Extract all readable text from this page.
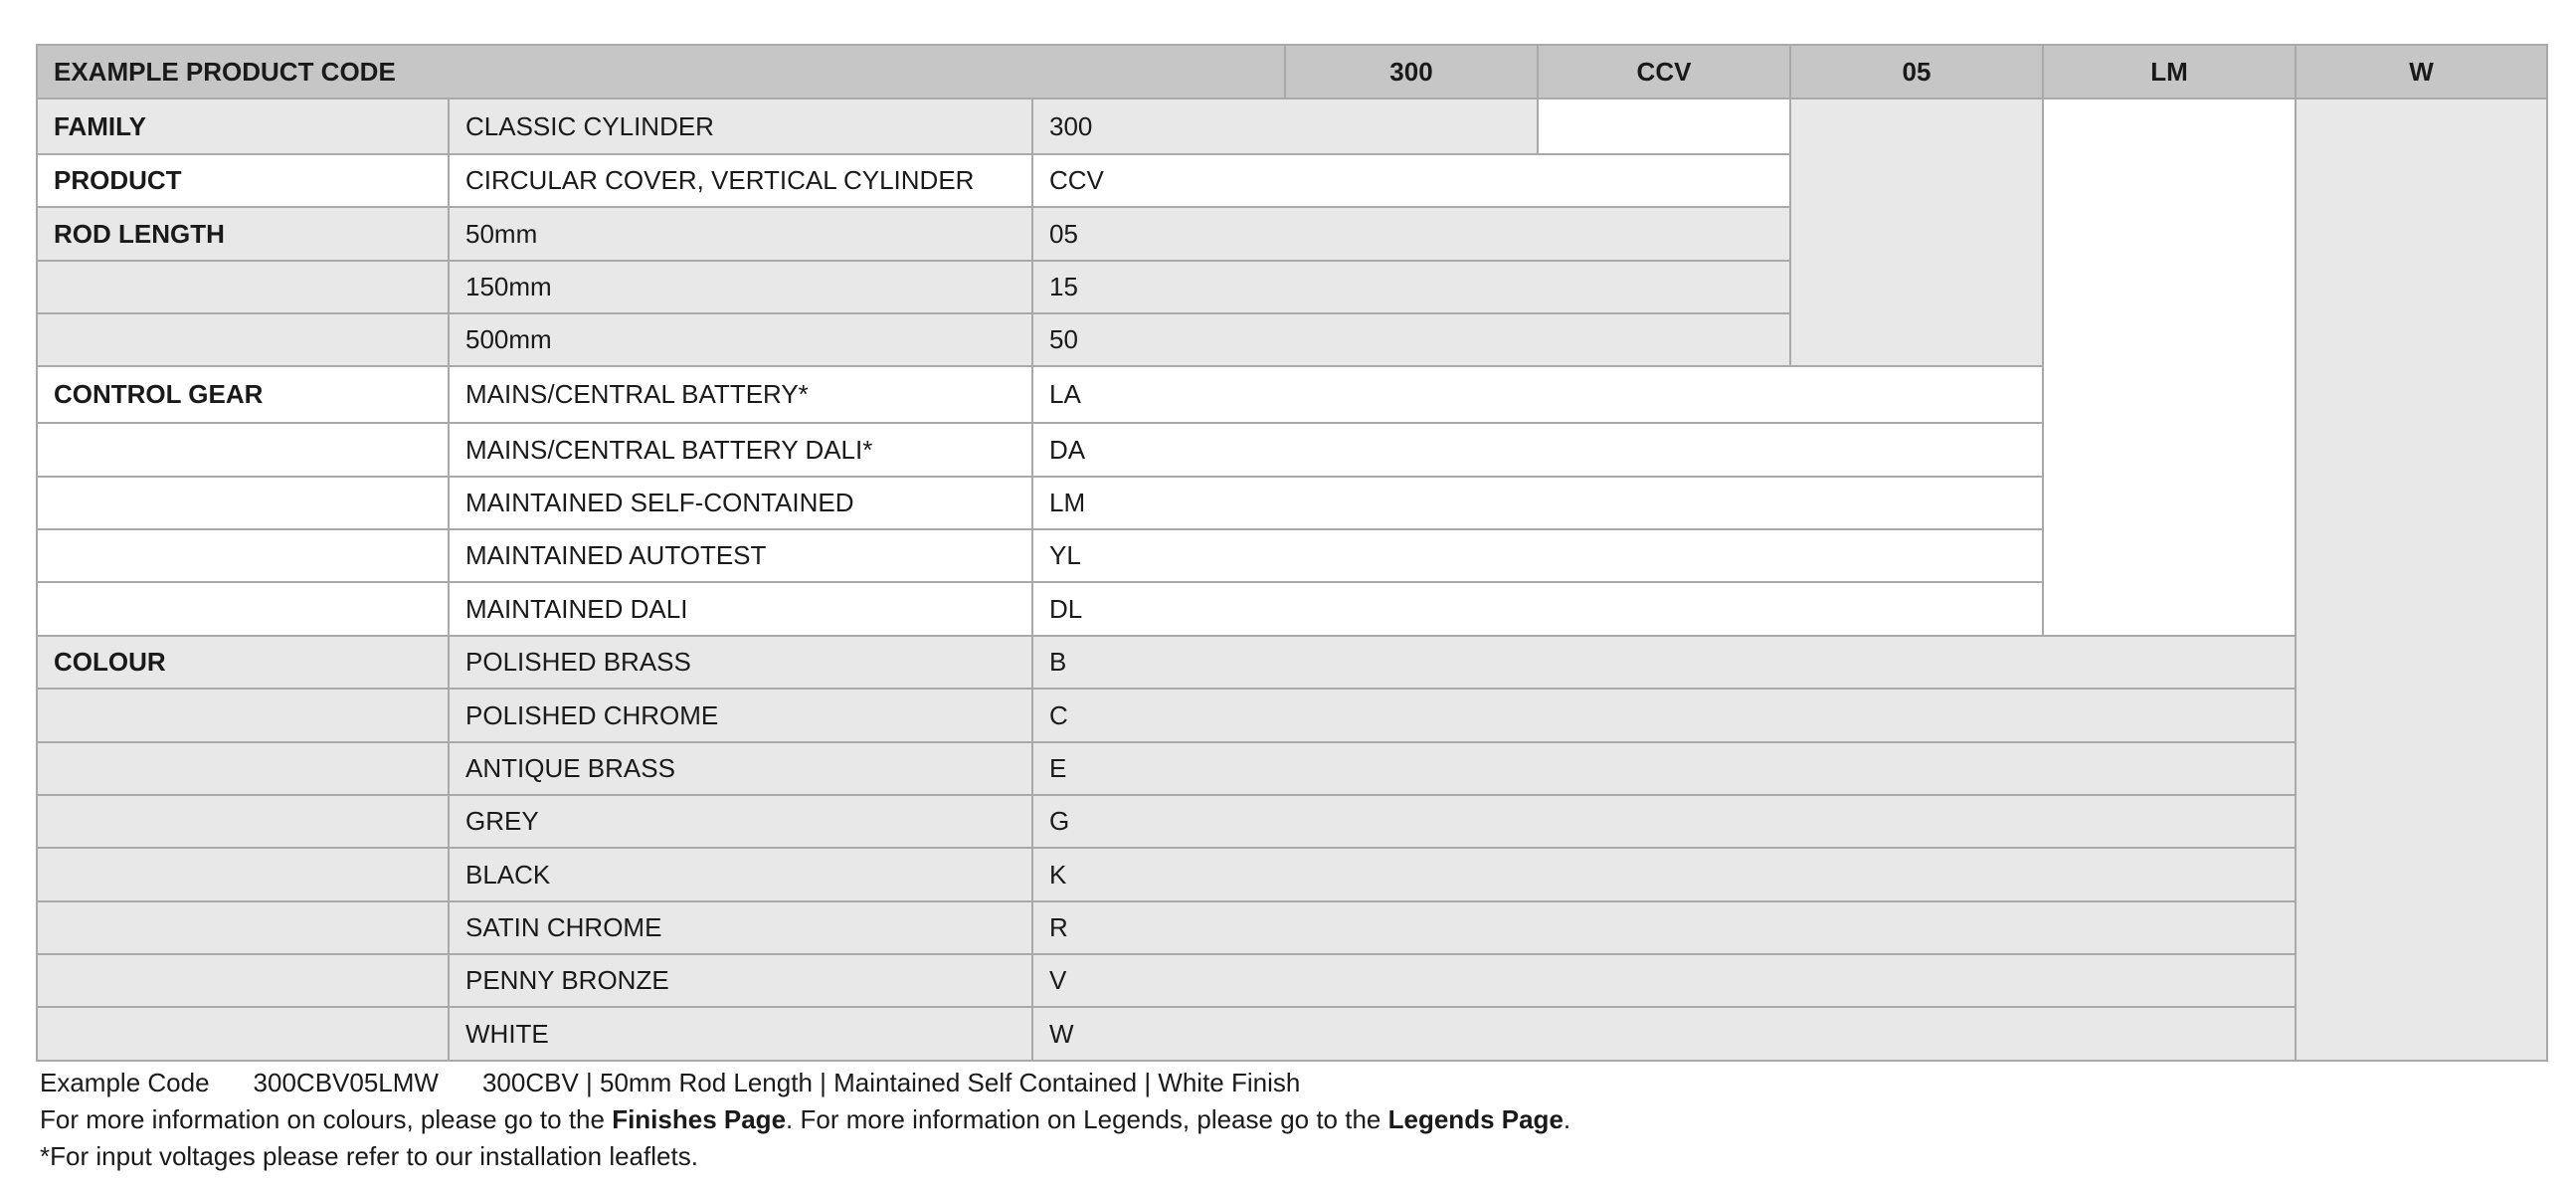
EXAMPLE PRODUCT CODE	300	CCV	05	LM	W
FAMILY	CLASSIC CYLINDER	300
PRODUCT	CIRCULAR COVER, VERTICAL CYLINDER	CCV
ROD LENGTH	50mm	05
150mm	15
500mm	50
CONTROL GEAR	MAINS/CENTRAL BATTERY*	LA
MAINS/CENTRAL BATTERY DALI*	DA
MAINTAINED SELF-CONTAINED	LM
MAINTAINED AUTOTEST	YL
MAINTAINED DALI	DL
COLOUR	POLISHED BRASS	B
POLISHED CHROME	C
ANTIQUE BRASS	E
GREY	G
BLACK	K
SATIN CHROME	R
PENNY BRONZE	V
WHITE	W
Example Code 300CBV05LMW 300CBV | 50mm Rod Length | Maintained Self Contained | White Finish
For more information on colours, please go to the Finishes Page. For more information on Legends, please go to the Legends Page.
*For input voltages please refer to our installation leaflets.
